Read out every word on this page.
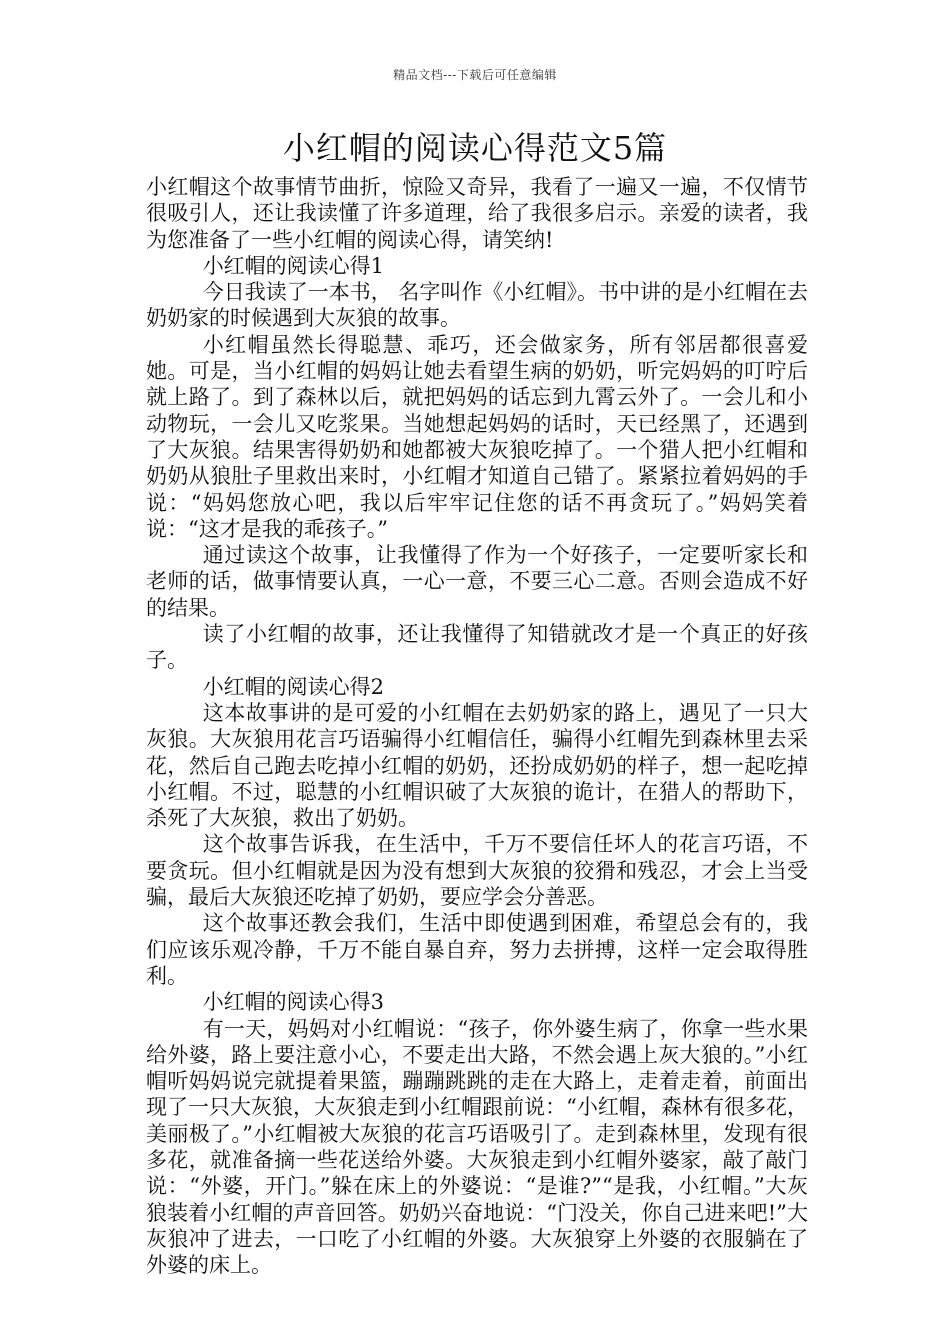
精品文档---下载后可任意编辑
小红帽的阅读心得范文5篇

小红帽这个故事情节曲折，惊险又奇异，我看了一遍又一遍，不仅情节很吸引人，还让我读懂了许多道理，给了我很多启示。亲爱的读者，我为您准备了一些小红帽的阅读心得，请笑纳!

小红帽的阅读心得1

今日我读了一本书， 名字叫作《小红帽》。书中讲的是小红帽在去奶奶家的时候遇到大灰狼的故事。

小红帽虽然长得聪慧、乖巧，还会做家务，所有邻居都很喜爱她。可是，当小红帽的妈妈让她去看望生病的奶奶，听完妈妈的叮咛后就上路了。到了森林以后，就把妈妈的话忘到九霄云外了。一会儿和小动物玩，一会儿又吃浆果。当她想起妈妈的话时，天已经黑了，还遇到了大灰狼。结果害得奶奶和她都被大灰狼吃掉了。一个猎人把小红帽和奶奶从狼肚子里救出来时，小红帽才知道自己错了。紧紧拉着妈妈的手说：“妈妈您放心吧，我以后牢牢记住您的话不再贪玩了。”妈妈笑着说：“这才是我的乖孩子。”

通过读这个故事，让我懂得了作为一个好孩子，一定要听家长和老师的话，做事情要认真，一心一意，不要三心二意。否则会造成不好的结果。

读了小红帽的故事，还让我懂得了知错就改才是一个真正的好孩子。

小红帽的阅读心得2

这本故事讲的是可爱的小红帽在去奶奶家的路上，遇见了一只大灰狼。大灰狼用花言巧语骗得小红帽信任，骗得小红帽先到森林里去采花，然后自己跑去吃掉小红帽的奶奶，还扮成奶奶的样子，想一起吃掉小红帽。不过，聪慧的小红帽识破了大灰狼的诡计，在猎人的帮助下，杀死了大灰狼，救出了奶奶。

这个故事告诉我，在生活中，千万不要信任坏人的花言巧语，不要贪玩。但小红帽就是因为没有想到大灰狼的狡猾和残忍，才会上当受骗，最后大灰狼还吃掉了奶奶，要应学会分善恶。

这个故事还教会我们，生活中即使遇到困难，希望总会有的，我们应该乐观冷静，千万不能自暴自弃，努力去拼搏，这样一定会取得胜利。

小红帽的阅读心得3

有一天，妈妈对小红帽说：“孩子，你外婆生病了，你拿一些水果给外婆，路上要注意小心，不要走出大路，不然会遇上灰大狼的。”小红帽听妈妈说完就提着果篮，蹦蹦跳跳的走在大路上，走着走着，前面出现了一只大灰狼，大灰狼走到小红帽跟前说：“小红帽，森林有很多花，美丽极了。”小红帽被大灰狼的花言巧语吸引了。走到森林里，发现有很多花，就准备摘一些花送给外婆。大灰狼走到小红帽外婆家，敲了敲门说：“外婆，开门。”躲在床上的外婆说：“是谁?”“是我，小红帽。”大灰狼装着小红帽的声音回答。奶奶兴奋地说：“门没关，你自己进来吧!”大灰狼冲了进去，一口吃了小红帽的外婆。大灰狼穿上外婆的衣服躺在了外婆的床上。
